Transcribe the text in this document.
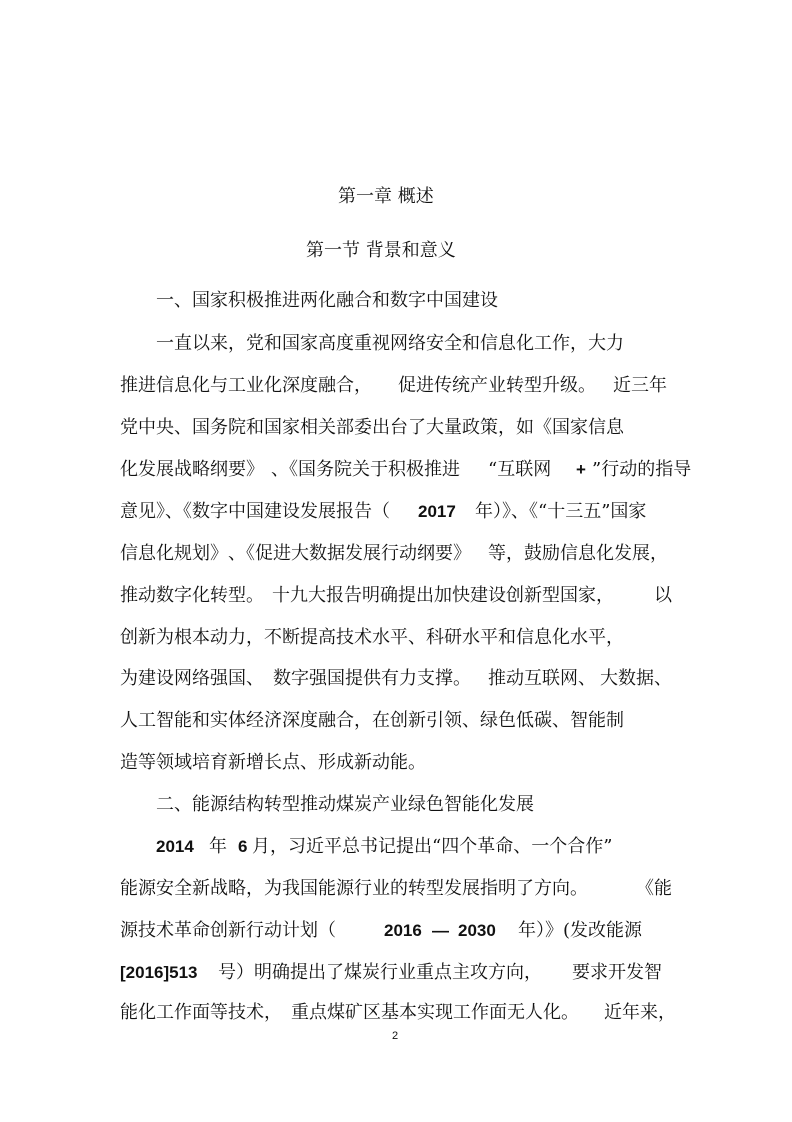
第一章 概述
第一节 背景和意义
一、国家积极推进两化融合和数字中国建设
一直以来，党和国家高度重视网络安全和信息化工作，大力
推进信息化与工业化深度融合， 促进传统产业转型升级。 近三年
党中央、国务院和国家相关部委出台了大量政策，如《国家信息
化发展战略纲要》 、《国务院关于积极推进 “互联网 + ”行动的指导
意见》、《数字中国建设发展报告（ 2017 年）》、《“十三五”国家
信息化规划》 、《促进大数据发展行动纲要》 等，鼓励信息化发展，
推动数字化转型。 十九大报告明确提出加快建设创新型国家， 以
创新为根本动力，不断提高技术水平、科研水平和信息化水平，
为建设网络强国、 数字强国提供有力支撑。 推动互联网、 大数据、
人工智能和实体经济深度融合，在创新引领、绿色低碳、智能制
造等领域培育新增长点、形成新动能。
二、能源结构转型推动煤炭产业绿色智能化发展
2014 年 6 月，习近平总书记提出“四个革命、一个合作”
能源安全新战略，为我国能源行业的转型发展指明了方向。	《能
源技术革命创新行动计划（	2016 — 2030 年）》(发改能源
[2016]513 号）明确提出了煤炭行业重点主攻方向， 要求开发智
能化工作面等技术， 重点煤矿区基本实现工作面无人化。 近年来，
2
